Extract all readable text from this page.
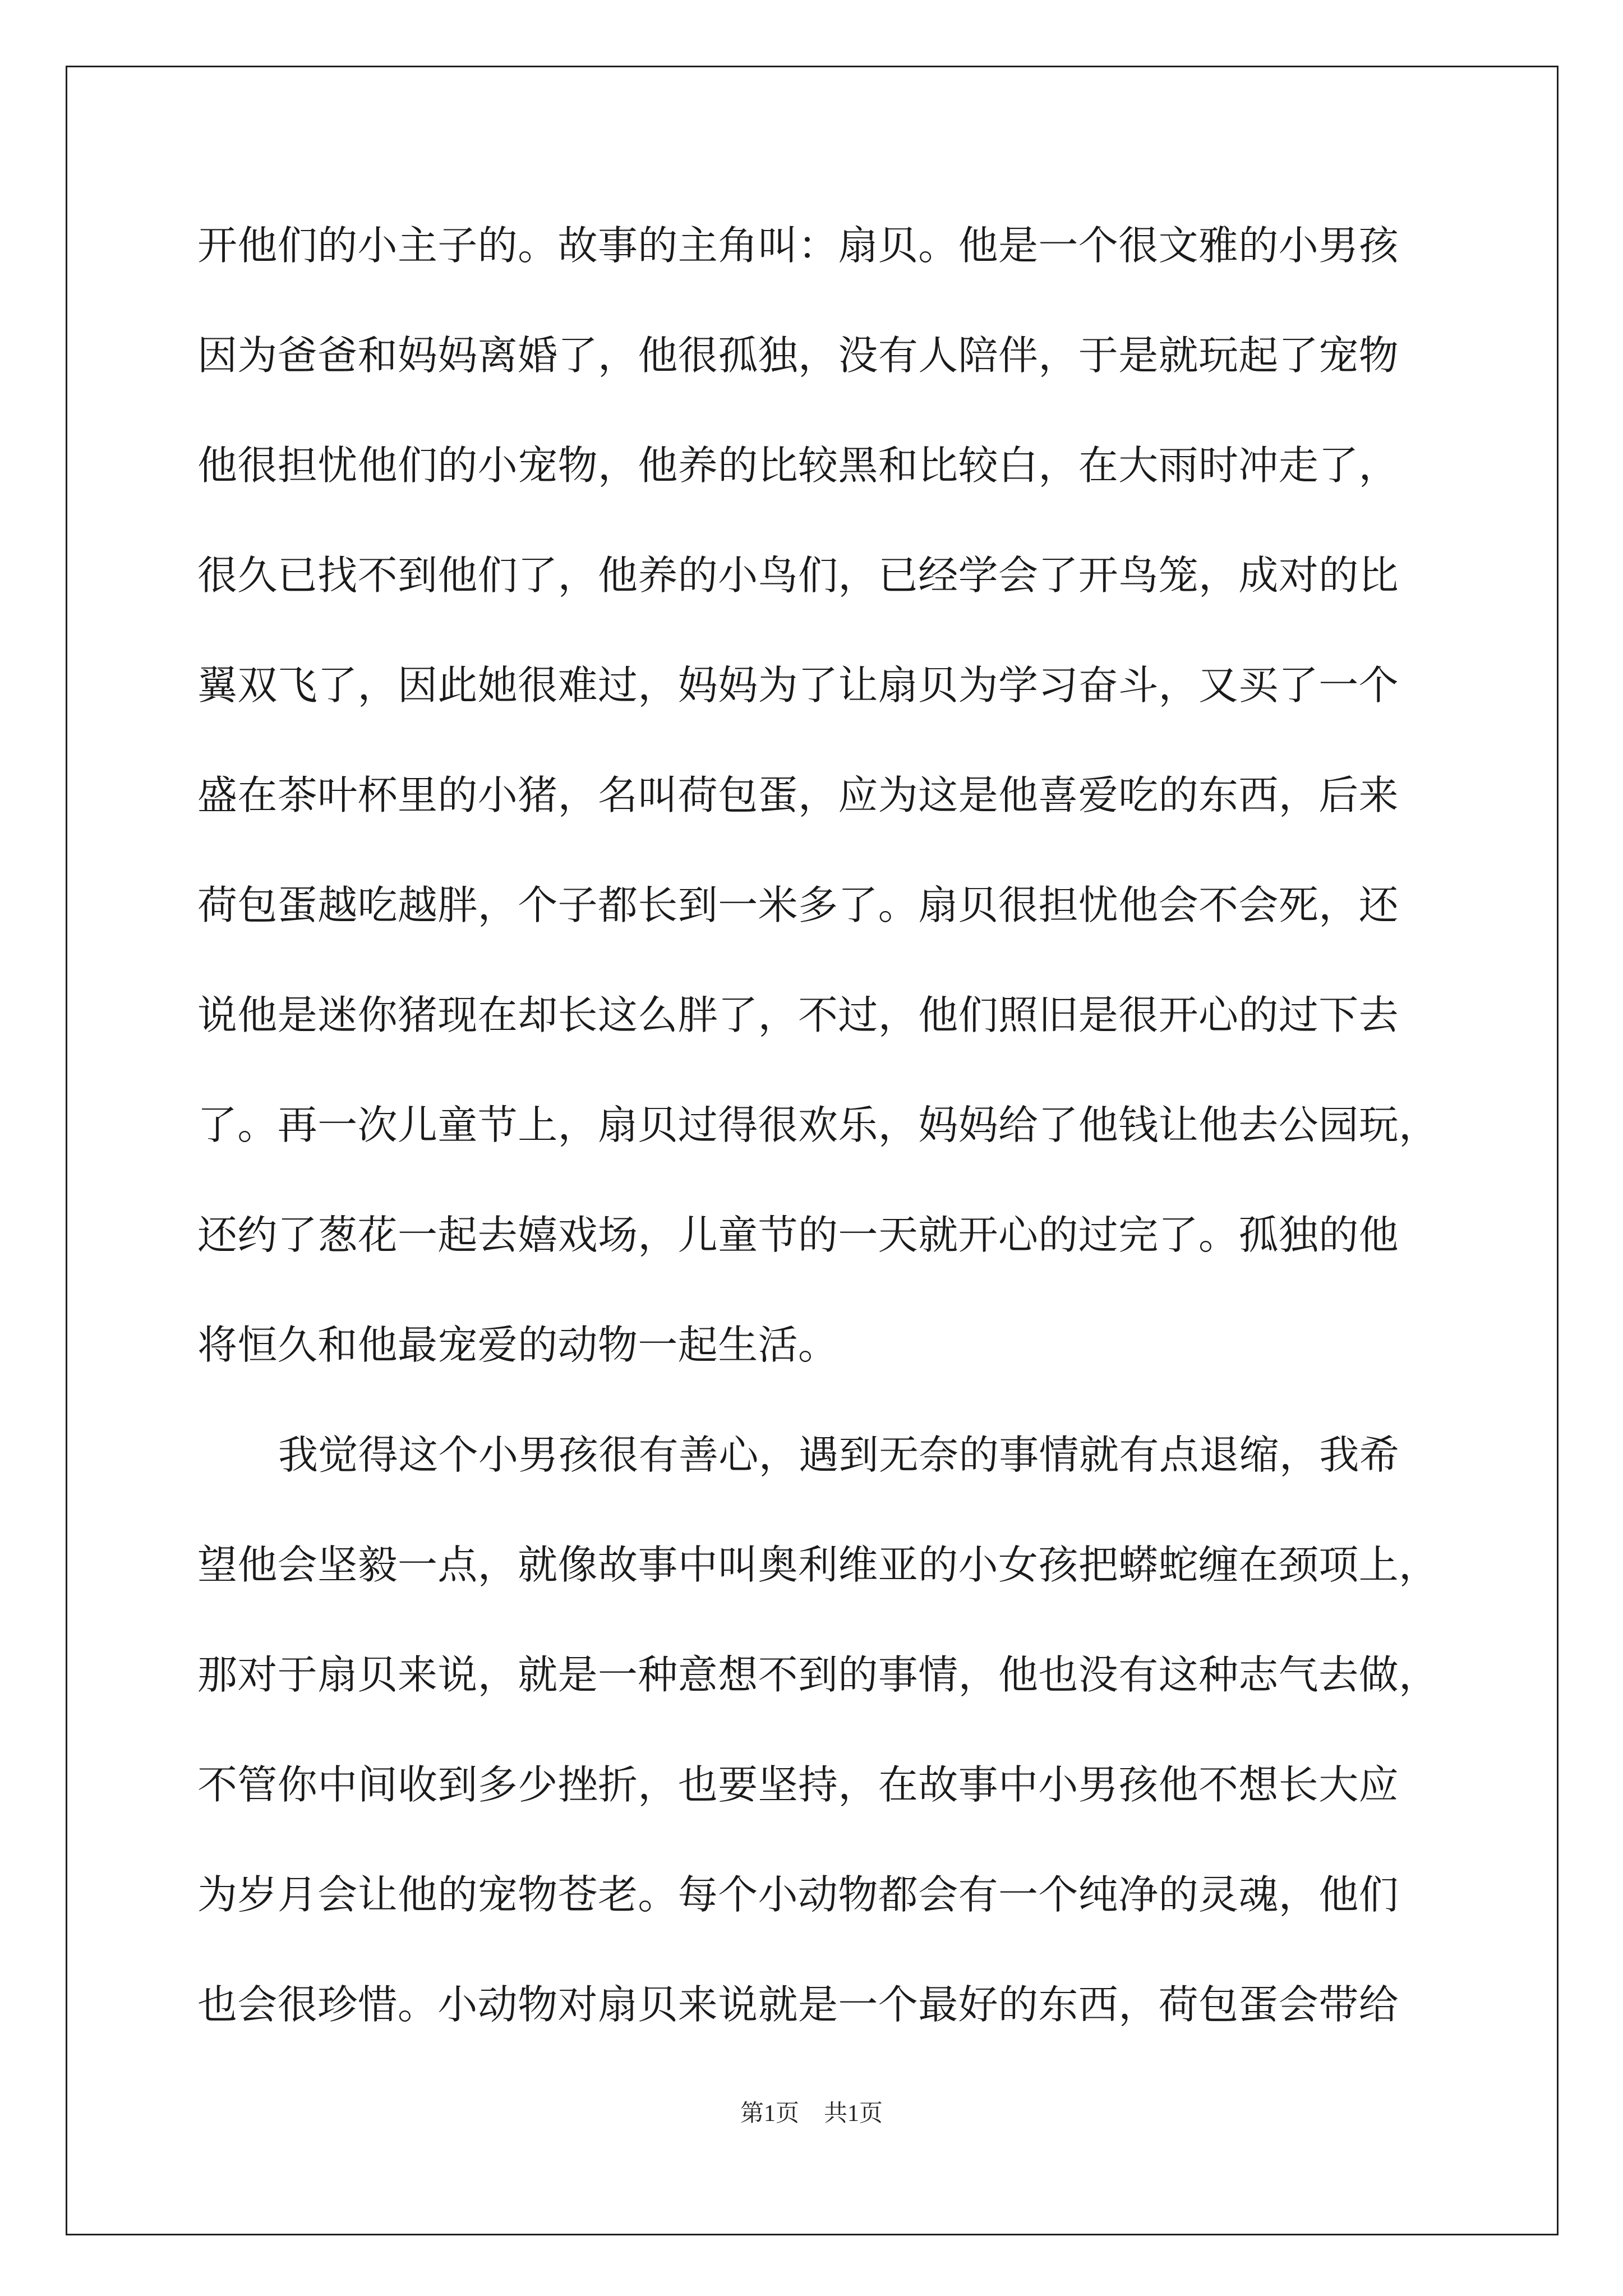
开他们的小主子的。故事的主角叫：扇贝。他是一个很文雅的小男孩
因为爸爸和妈妈离婚了，他很孤独，没有人陪伴，于是就玩起了宠物
他很担忧他们的小宠物，他养的比较黑和比较白，在大雨时冲走了，
很久已找不到他们了，他养的小鸟们，已经学会了开鸟笼，成对的比
翼双飞了，因此她很难过，妈妈为了让扇贝为学习奋斗，又买了一个
盛在茶叶杯里的小猪，名叫荷包蛋，应为这是他喜爱吃的东西，后来
荷包蛋越吃越胖，个子都长到一米多了。扇贝很担忧他会不会死，还
说他是迷你猪现在却长这么胖了，不过，他们照旧是很开心的过下去
了。再一次儿童节上，扇贝过得很欢乐，妈妈给了他钱让他去公园玩，
还约了葱花一起去嬉戏场，儿童节的一天就开心的过完了。孤独的他
将恒久和他最宠爱的动物一起生活。
我觉得这个小男孩很有善心，遇到无奈的事情就有点退缩，我希
望他会坚毅一点，就像故事中叫奥利维亚的小女孩把蟒蛇缠在颈项上，
那对于扇贝来说，就是一种意想不到的事情，他也没有这种志气去做，
不管你中间收到多少挫折，也要坚持，在故事中小男孩他不想长大应
为岁月会让他的宠物苍老。每个小动物都会有一个纯净的灵魂，他们
也会很珍惜。小动物对扇贝来说就是一个最好的东西，荷包蛋会带给
第1页 共1页
